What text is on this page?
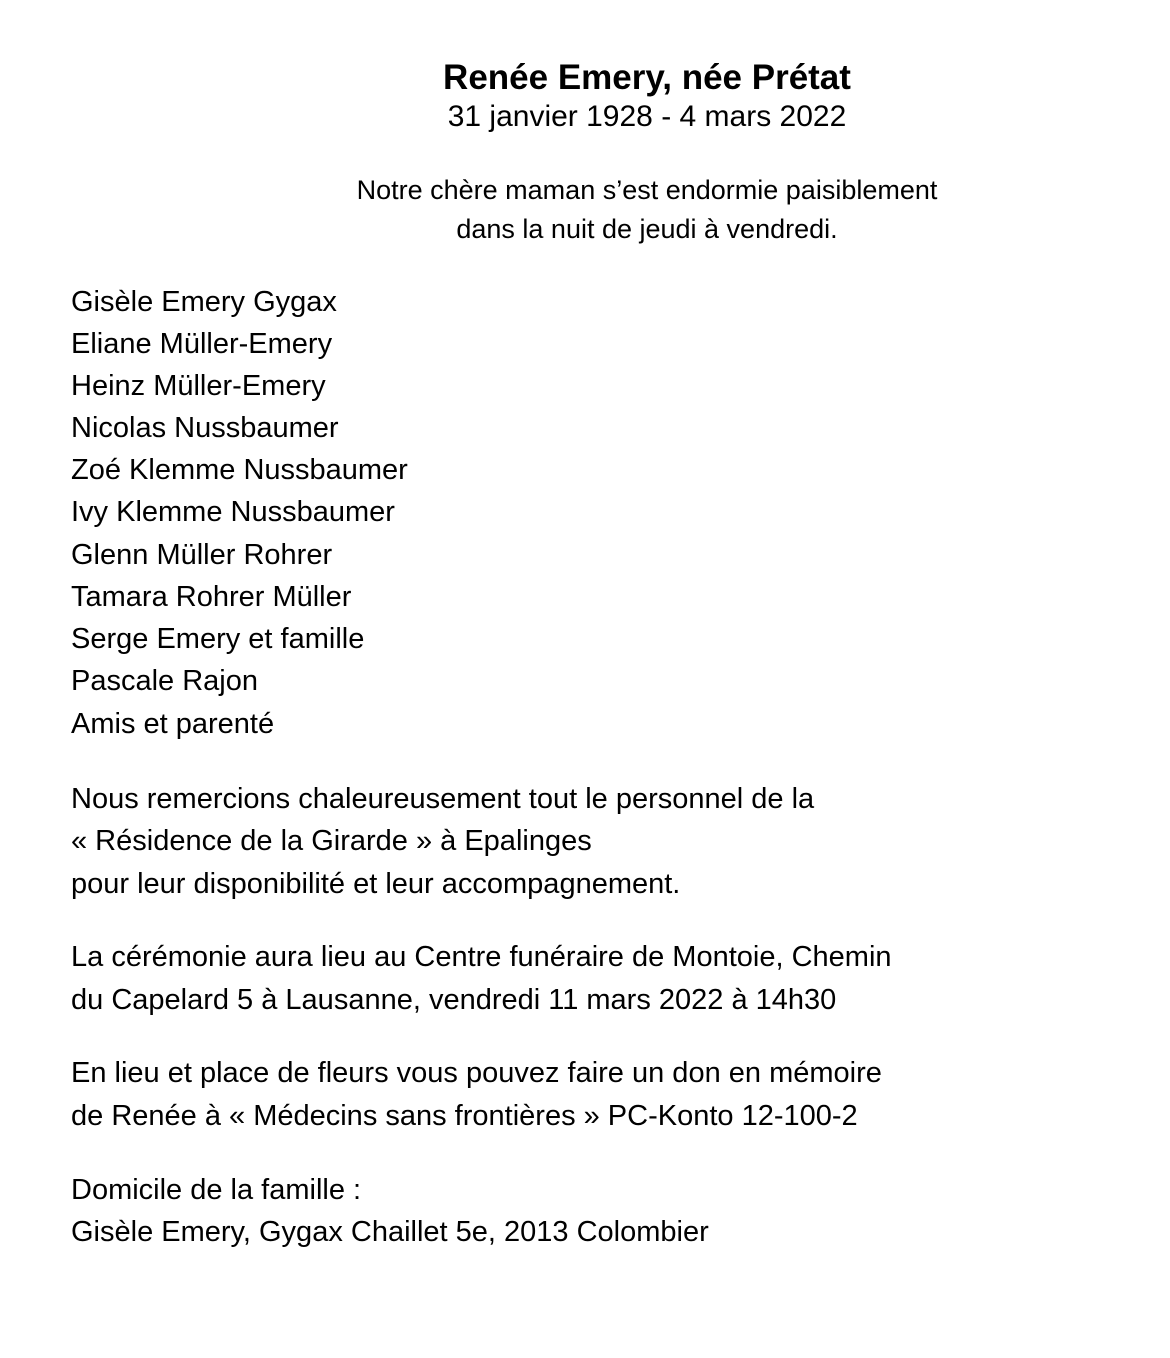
Renée Emery, née Prétat
31 janvier 1928 - 4 mars 2022
Notre chère maman s’est endormie paisiblement
dans la nuit de jeudi à vendredi.
Gisèle Emery Gygax
Eliane Müller-Emery
Heinz Müller-Emery
Nicolas Nussbaumer
Zoé Klemme Nussbaumer
Ivy Klemme Nussbaumer
Glenn Müller Rohrer
Tamara Rohrer Müller
Serge Emery et famille
Pascale Rajon
Amis et parenté
Nous remercions chaleureusement tout le personnel de la
« Résidence de la Girarde » à Epalinges
pour leur disponibilité et leur accompagnement.
La cérémonie aura lieu au Centre funéraire de Montoie, Chemin
du Capelard 5 à Lausanne, vendredi 11 mars 2022 à 14h30
En lieu et place de fleurs vous pouvez faire un don en mémoire
de Renée à « Médecins sans frontières » PC-Konto 12-100-2
Domicile de la famille :
Gisèle Emery, Gygax Chaillet 5e, 2013 Colombier
